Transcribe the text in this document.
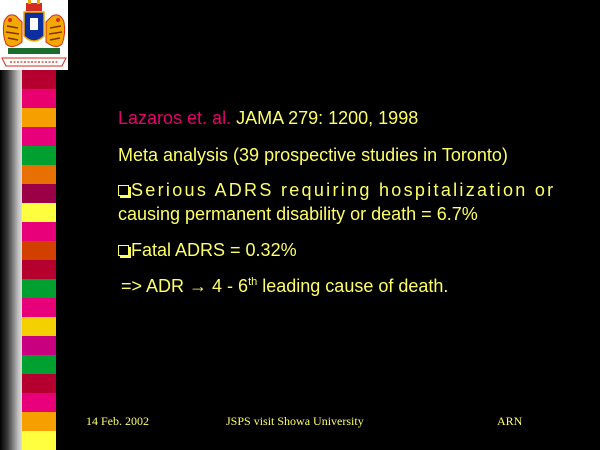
Lazaros et. al. JAMA 279: 1200, 1998
Meta analysis (39 prospective studies in Toronto)
Serious ADRS requiring hospitalization or
causing permanent disability or death = 6.7%
Fatal ADRS = 0.32%
=> ADR → 4 - 6th leading cause of death.
14 Feb. 2002	JSPS visit Showa University	ARN
